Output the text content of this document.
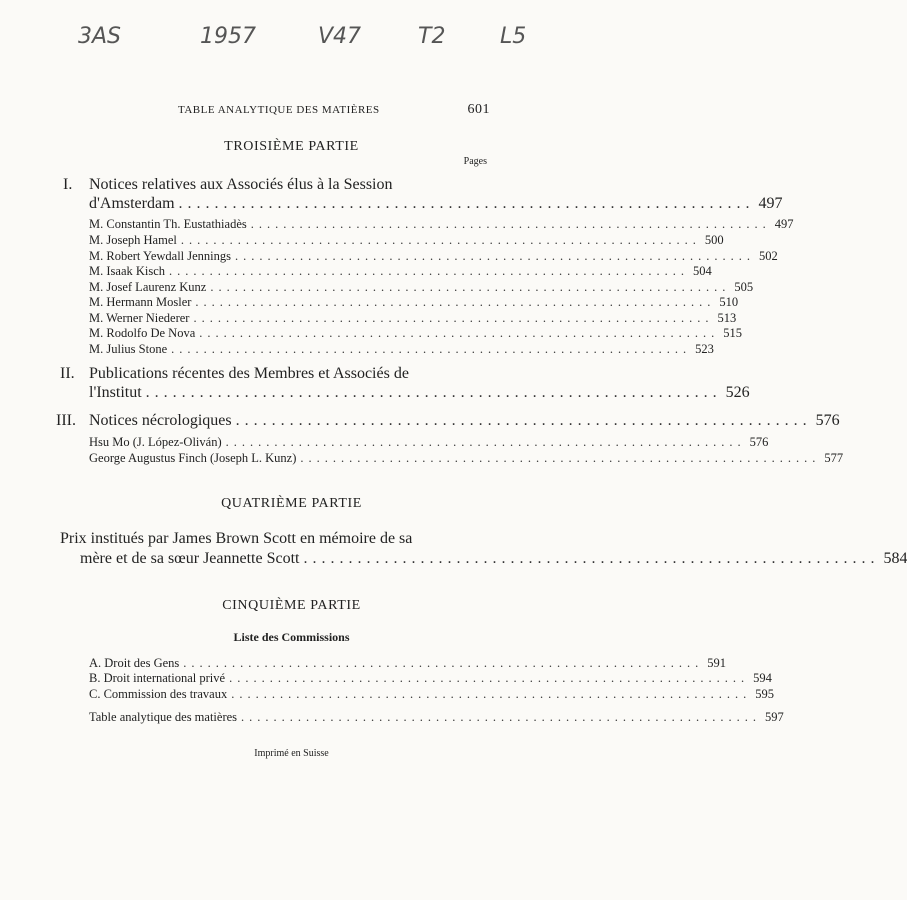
3AS	1957	V47	T2 L5
TABLE ANALYTIQUE DES MATIÈRES	601
TROISIÈME PARTIE
Pages
I. Notices relatives aux Associés élus à la Session
d'Amsterdam ................................................................ 497
M. Constantin Th. Eustathiadès ................................................................ 497
M. Joseph Hamel ................................................................ 500
M. Robert Yewdall Jennings ................................................................ 502
M. Isaak Kisch ................................................................ 504
M. Josef Laurenz Kunz ................................................................ 505
M. Hermann Mosler ................................................................ 510
M. Werner Niederer ................................................................ 513
M. Rodolfo De Nova ................................................................ 515
M. Julius Stone ................................................................ 523
II. Publications récentes des Membres et Associés de
l'Institut ................................................................ 526
III. Notices nécrologiques ................................................................ 576
Hsu Mo (J. López-Oliván) ................................................................ 576
George Augustus Finch (Joseph L. Kunz) ................................................................ 577
QUATRIÈME PARTIE
Prix institués par James Brown Scott en mémoire de sa
mère et de sa sœur Jeannette Scott ................................................................ 584
CINQUIÈME PARTIE
Liste des Commissions
A. Droit des Gens ................................................................ 591
B. Droit international privé ................................................................ 594
C. Commission des travaux ................................................................ 595
Table analytique des matières ................................................................ 597
Imprimé en Suisse
